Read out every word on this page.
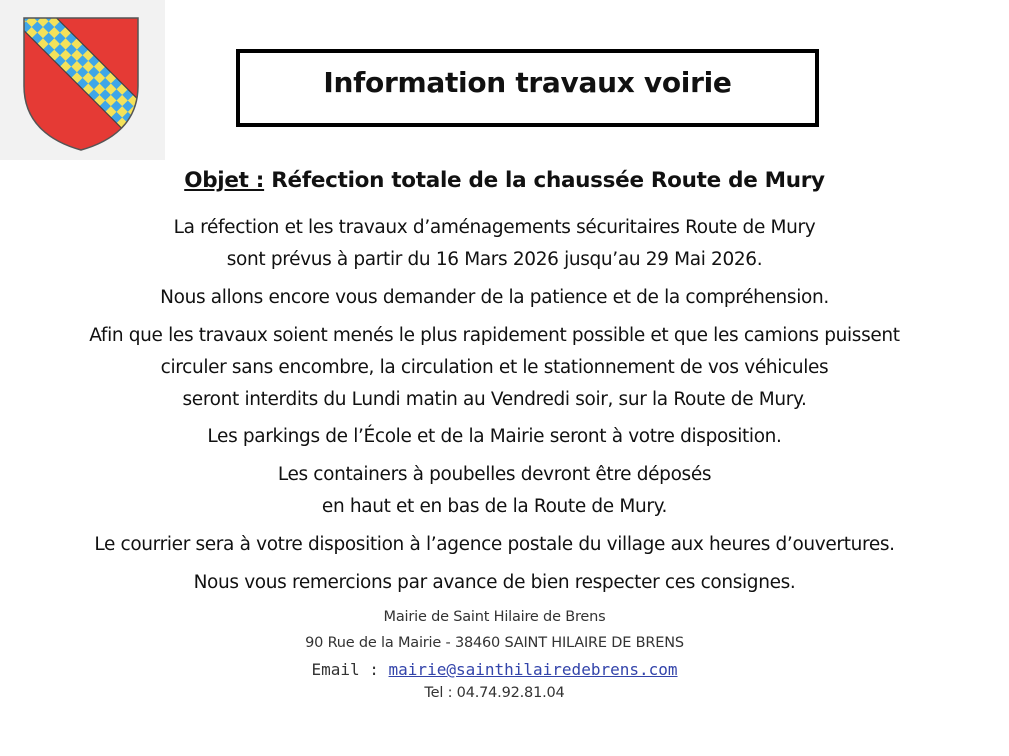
Information travaux voirie
Objet : Réfection totale de la chaussée Route de Mury
La réfection et les travaux d’aménagements sécuritaires Route de Mury
sont prévus à partir du 16 Mars 2026 jusqu’au 29 Mai 2026.
Nous allons encore vous demander de la patience et de la compréhension.
Afin que les travaux soient menés le plus rapidement possible et que les camions puissent
circuler sans encombre, la circulation et le stationnement de vos véhicules
seront interdits du Lundi matin au Vendredi soir, sur la Route de Mury.
Les parkings de l’École et de la Mairie seront à votre disposition.
Les containers à poubelles devront être déposés
en haut et en bas de la Route de Mury.
Le courrier sera à votre disposition à l’agence postale du village aux heures d’ouvertures.
Nous vous remercions par avance de bien respecter ces consignes.
Mairie de Saint Hilaire de Brens
90 Rue de la Mairie - 38460 SAINT HILAIRE DE BRENS
Email : mairie@sainthilairedebrens.com
Tel : 04.74.92.81.04
